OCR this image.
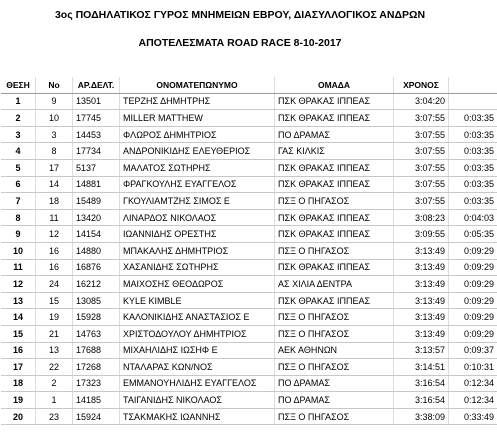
3ος ΠΟΔΗΛΑΤΙΚΟΣ ΓΥΡΟΣ ΜΝΗΜΕΙΩΝ ΕΒΡΟΥ, ΔΙΑΣΥΛΛΟΓΙΚΟΣ ΑΝΔΡΩΝ
ΑΠΟΤΕΛΕΣΜΑΤΑ ROAD RACE 8-10-2017
ΘΕΣΗ	No	ΑΡ.ΔΕΛΤ.	ΟΝΟΜΑΤΕΠΩΝΥΜΟ	ΟΜΑΔΑ	ΧΡΟΝΟΣ	
1	9	13501	ΤΕΡΖΗΣ ΔΗΜΗΤΡΗΣ	ΠΣΚ ΘΡΑΚΑΣ ΙΠΠΕΑΣ	3:04:20	
2	10	17745	MILLER MATTHEW	ΠΣΚ ΘΡΑΚΑΣ ΙΠΠΕΑΣ	3:07:55	0:03:35
3	3	14453	ΦΛΩΡΟΣ ΔΗΜΗΤΡΙΟΣ	ΠΟ ΔΡΑΜΑΣ	3:07:55	0:03:35
4	8	17734	ΑΝΔΡΟΝΙΚΙΔΗΣ ΕΛΕΥΘΕΡΙΟΣ	ΓΑΣ ΚΙΛΚΙΣ	3:07:55	0:03:35
5	17	5137	ΜΑΛΑΤΟΣ ΣΩΤΗΡΗΣ	ΠΣΚ ΘΡΑΚΑΣ ΙΠΠΕΑΣ	3:07:55	0:03:35
6	14	14881	ΦΡΑΓΚΟΥΛΗΣ ΕΥΑΓΓΕΛΟΣ	ΠΣΚ ΘΡΑΚΑΣ ΙΠΠΕΑΣ	3:07:55	0:03:35
7	18	15489	ΓΚΟΥΛΙΑΜΤΖΗΣ ΣΙΜΟΣ Ε	ΠΣΞ Ο ΠΗΓΑΣΟΣ	3:07:55	0:03:35
8	11	13420	ΛΙΝΑΡΔΟΣ ΝΙΚΟΛΑΟΣ	ΠΣΚ ΘΡΑΚΑΣ ΙΠΠΕΑΣ	3:08:23	0:04:03
9	12	14154	ΙΩΑΝΝΙΔΗΣ ΟΡΕΣΤΗΣ	ΠΣΚ ΘΡΑΚΑΣ ΙΠΠΕΑΣ	3:09:55	0:05:35
10	16	14880	ΜΠΑΚΑΛΗΣ ΔΗΜΗΤΡΙΟΣ	ΠΣΞ Ο ΠΗΓΑΣΟΣ	3:13:49	0:09:29
11	16	16876	ΧΑΣΑΝΙΔΗΣ ΣΩΤΗΡΗΣ	ΠΣΚ ΘΡΑΚΑΣ ΙΠΠΕΑΣ	3:13:49	0:09:29
12	24	16212	ΜΑΙΧΟΣΗΣ ΘΕΟΔΩΡΟΣ	ΑΣ ΧΙΛΙΑ ΔΕΝΤΡΑ	3:13:49	0:09:29
13	15	13085	KYLE KIMBLE	ΠΣΚ ΘΡΑΚΑΣ ΙΠΠΕΑΣ	3:13:49	0:09:29
14	19	15928	ΚΑΛΟΝΙΚΙΔΗΣ ΑΝΑΣΤΑΣΙΟΣ Ε	ΠΣΞ Ο ΠΗΓΑΣΟΣ	3:13:49	0:09:29
15	21	14763	ΧΡΙΣΤΟΔΟΥΛΟΥ ΔΗΜΗΤΡΙΟΣ	ΠΣΞ Ο ΠΗΓΑΣΟΣ	3:13:49	0:09:29
16	13	17688	ΜΙΧΑΗΛΙΔΗΣ ΙΩΣΗΦ Ε	ΑΕΚ ΑΘΗΝΩΝ	3:13:57	0:09:37
17	22	17268	ΝΤΑΛΑΡΑΣ ΚΩΝ/ΝΟΣ	ΠΣΞ Ο ΠΗΓΑΣΟΣ	3:14:51	0:10:31
18	2	17323	ΕΜΜΑΝΟΥΗΛΙΔΗΣ ΕΥΑΓΓΕΛΟΣ	ΠΟ ΔΡΑΜΑΣ	3:16:54	0:12:34
19	1	14185	ΤΑΙΓΑΝΙΔΗΣ ΝΙΚΟΛΑΟΣ	ΠΟ ΔΡΑΜΑΣ	3:16:54	0:12:34
20	23	15924	ΤΣΑΚΜΑΚΗΣ ΙΩΑΝΝΗΣ	ΠΣΞ Ο ΠΗΓΑΣΟΣ	3:38:09	0:33:49
